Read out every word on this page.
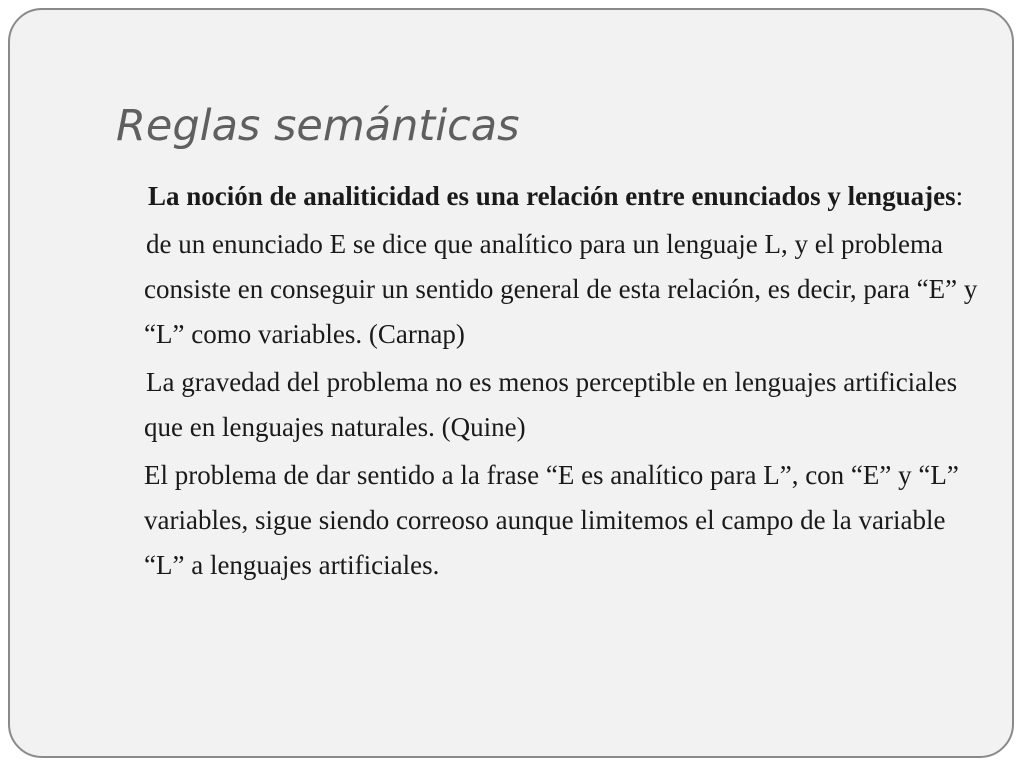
Reglas semánticas

La noción de analiticidad es una relación entre enunciados y lenguajes:

de un enunciado E se dice que analítico para un lenguaje L, y el problema consiste en conseguir un sentido general de esta relación, es decir, para “E” y “L” como variables. (Carnap)

La gravedad del problema no es menos perceptible en lenguajes artificiales que en lenguajes naturales. (Quine)

El problema de dar sentido a la frase “E es analítico para L”, con “E” y “L” variables, sigue siendo correoso aunque limitemos el campo de la variable “L” a lenguajes artificiales.
